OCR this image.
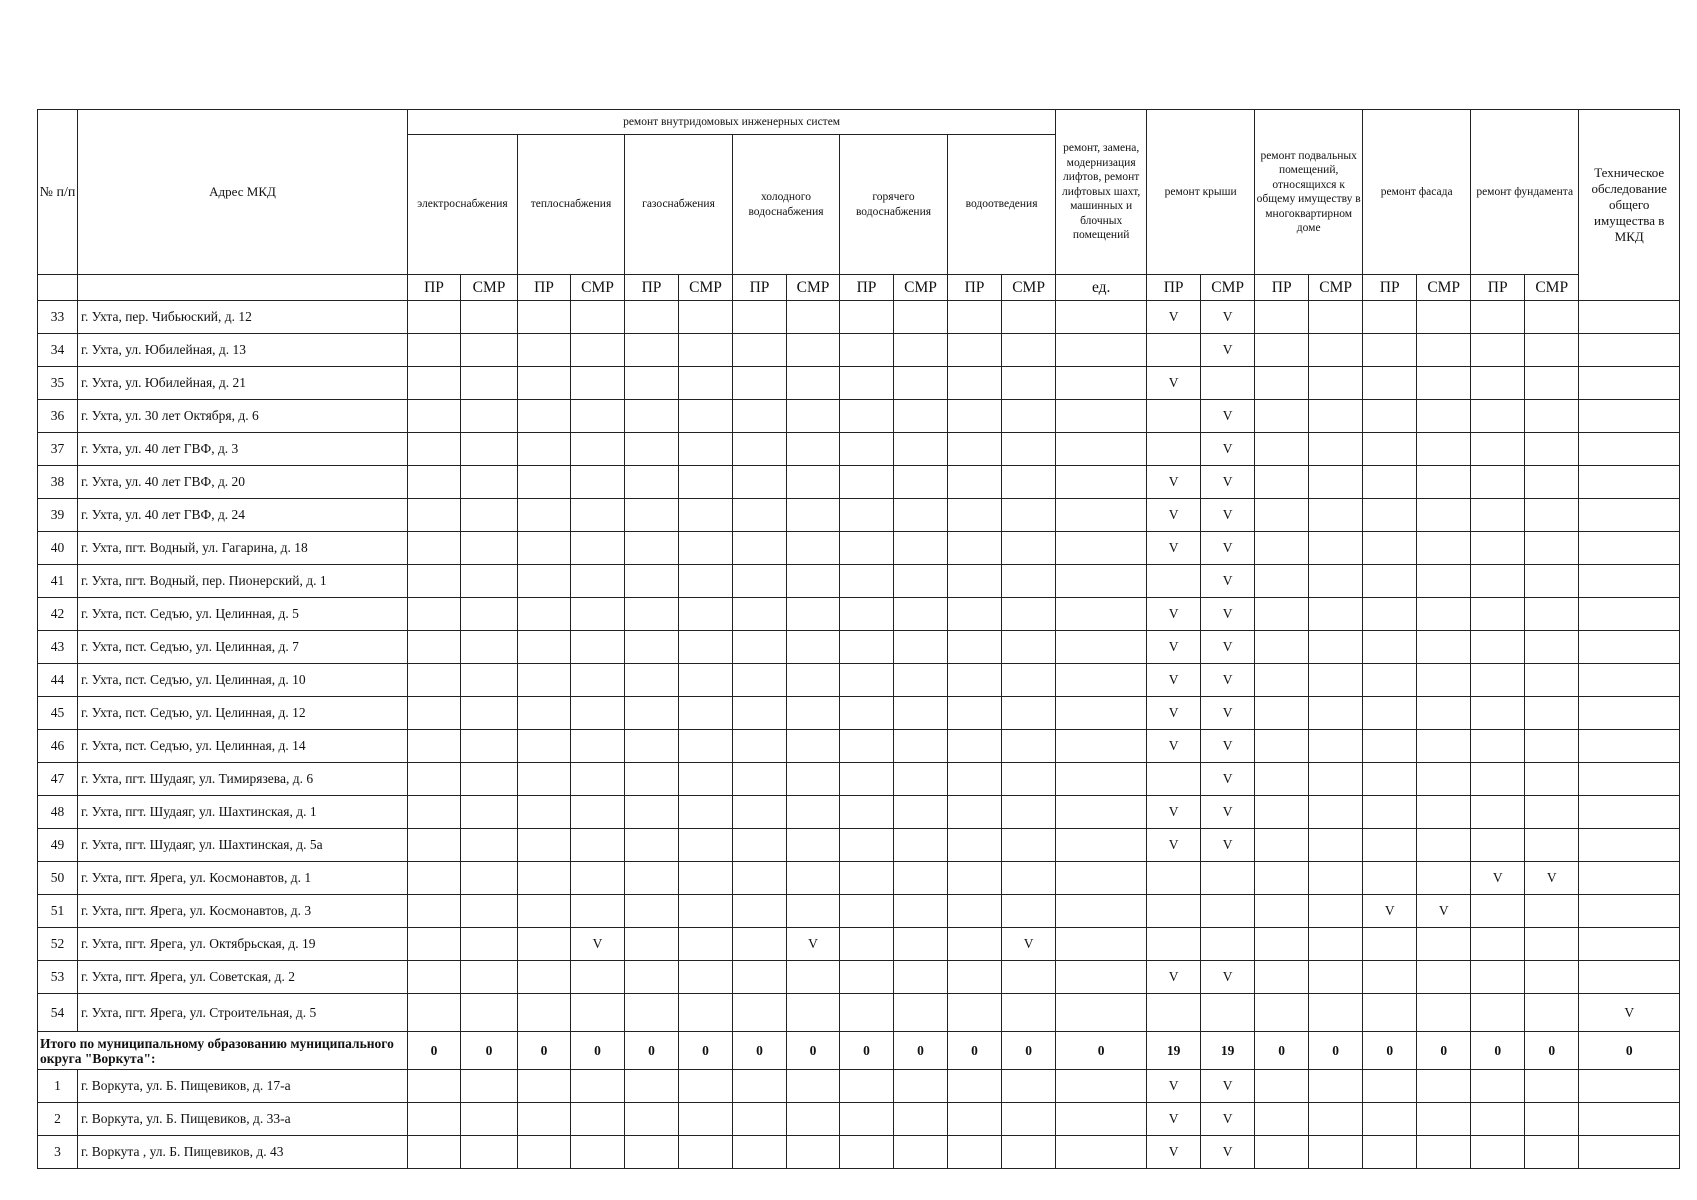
№ п/п	Адрес МКД	ремонт внутридомовых инженерных систем												ремонт, замена, модернизация лифтов, ремонт лифтовых шахт, машинных и блочных помещений	ремонт крыши		ремонт подвальных помещений, относящихся к общему имуществу в многоквартирном доме		ремонт фасада		ремонт фундамента		Техническое обследование общего имущества в МКД
		электроснабжения		теплоснабжения		газоснабжения		холодного водоснабжения		горячего водоснабжения		водоотведения											
		ПР	СМР	ПР	СМР	ПР	СМР	ПР	СМР	ПР	СМР	ПР	СМР	ед.	ПР	СМР	ПР	СМР	ПР	СМР	ПР	СМР	
33	г. Ухта, пер. Чибьюский, д. 12														V	V							
34	г. Ухта, ул. Юбилейная, д. 13															V							
35	г. Ухта, ул. Юбилейная, д. 21														V								
36	г. Ухта, ул. 30 лет Октября, д. 6															V							
37	г. Ухта, ул. 40 лет ГВФ, д. 3															V							
38	г. Ухта, ул. 40 лет ГВФ, д. 20														V	V							
39	г. Ухта, ул. 40 лет ГВФ, д. 24														V	V							
40	г. Ухта, пгт. Водный, ул. Гагарина, д. 18														V	V							
41	г. Ухта, пгт. Водный, пер. Пионерский, д. 1															V							
42	г. Ухта, пст. Седъю, ул. Целинная, д. 5														V	V							
43	г. Ухта, пст. Седъю, ул. Целинная, д. 7														V	V							
44	г. Ухта, пст. Седъю, ул. Целинная, д. 10														V	V							
45	г. Ухта, пст. Седъю, ул. Целинная, д. 12														V	V							
46	г. Ухта, пст. Седъю, ул. Целинная, д. 14														V	V							
47	г. Ухта, пгт. Шудаяг, ул. Тимирязева, д. 6															V							
48	г. Ухта, пгт. Шудаяг, ул. Шахтинская, д. 1														V	V							
49	г. Ухта, пгт. Шудаяг, ул. Шахтинская, д. 5а														V	V							
50	г. Ухта, пгт. Ярега, ул. Космонавтов, д. 1																				V	V	
51	г. Ухта, пгт. Ярега, ул. Космонавтов, д. 3																		V	V			
52	г. Ухта, пгт. Ярега, ул. Октябрьская, д. 19				V				V				V										
53	г. Ухта, пгт. Ярега, ул. Советская, д. 2														V	V							
54	г. Ухта, пгт. Ярега, ул. Строительная, д. 5																						V
Итого по муниципальному образованию муниципального округа "Воркута":		0	0	0	0	0	0	0	0	0	0	0	0	0	19	19	0	0	0	0	0	0	0
1	г. Воркута, ул. Б. Пищевиков, д. 17-а														V	V							
2	г. Воркута, ул. Б. Пищевиков, д. 33-а														V	V							
3	г. Воркута , ул. Б. Пищевиков, д. 43														V	V							
